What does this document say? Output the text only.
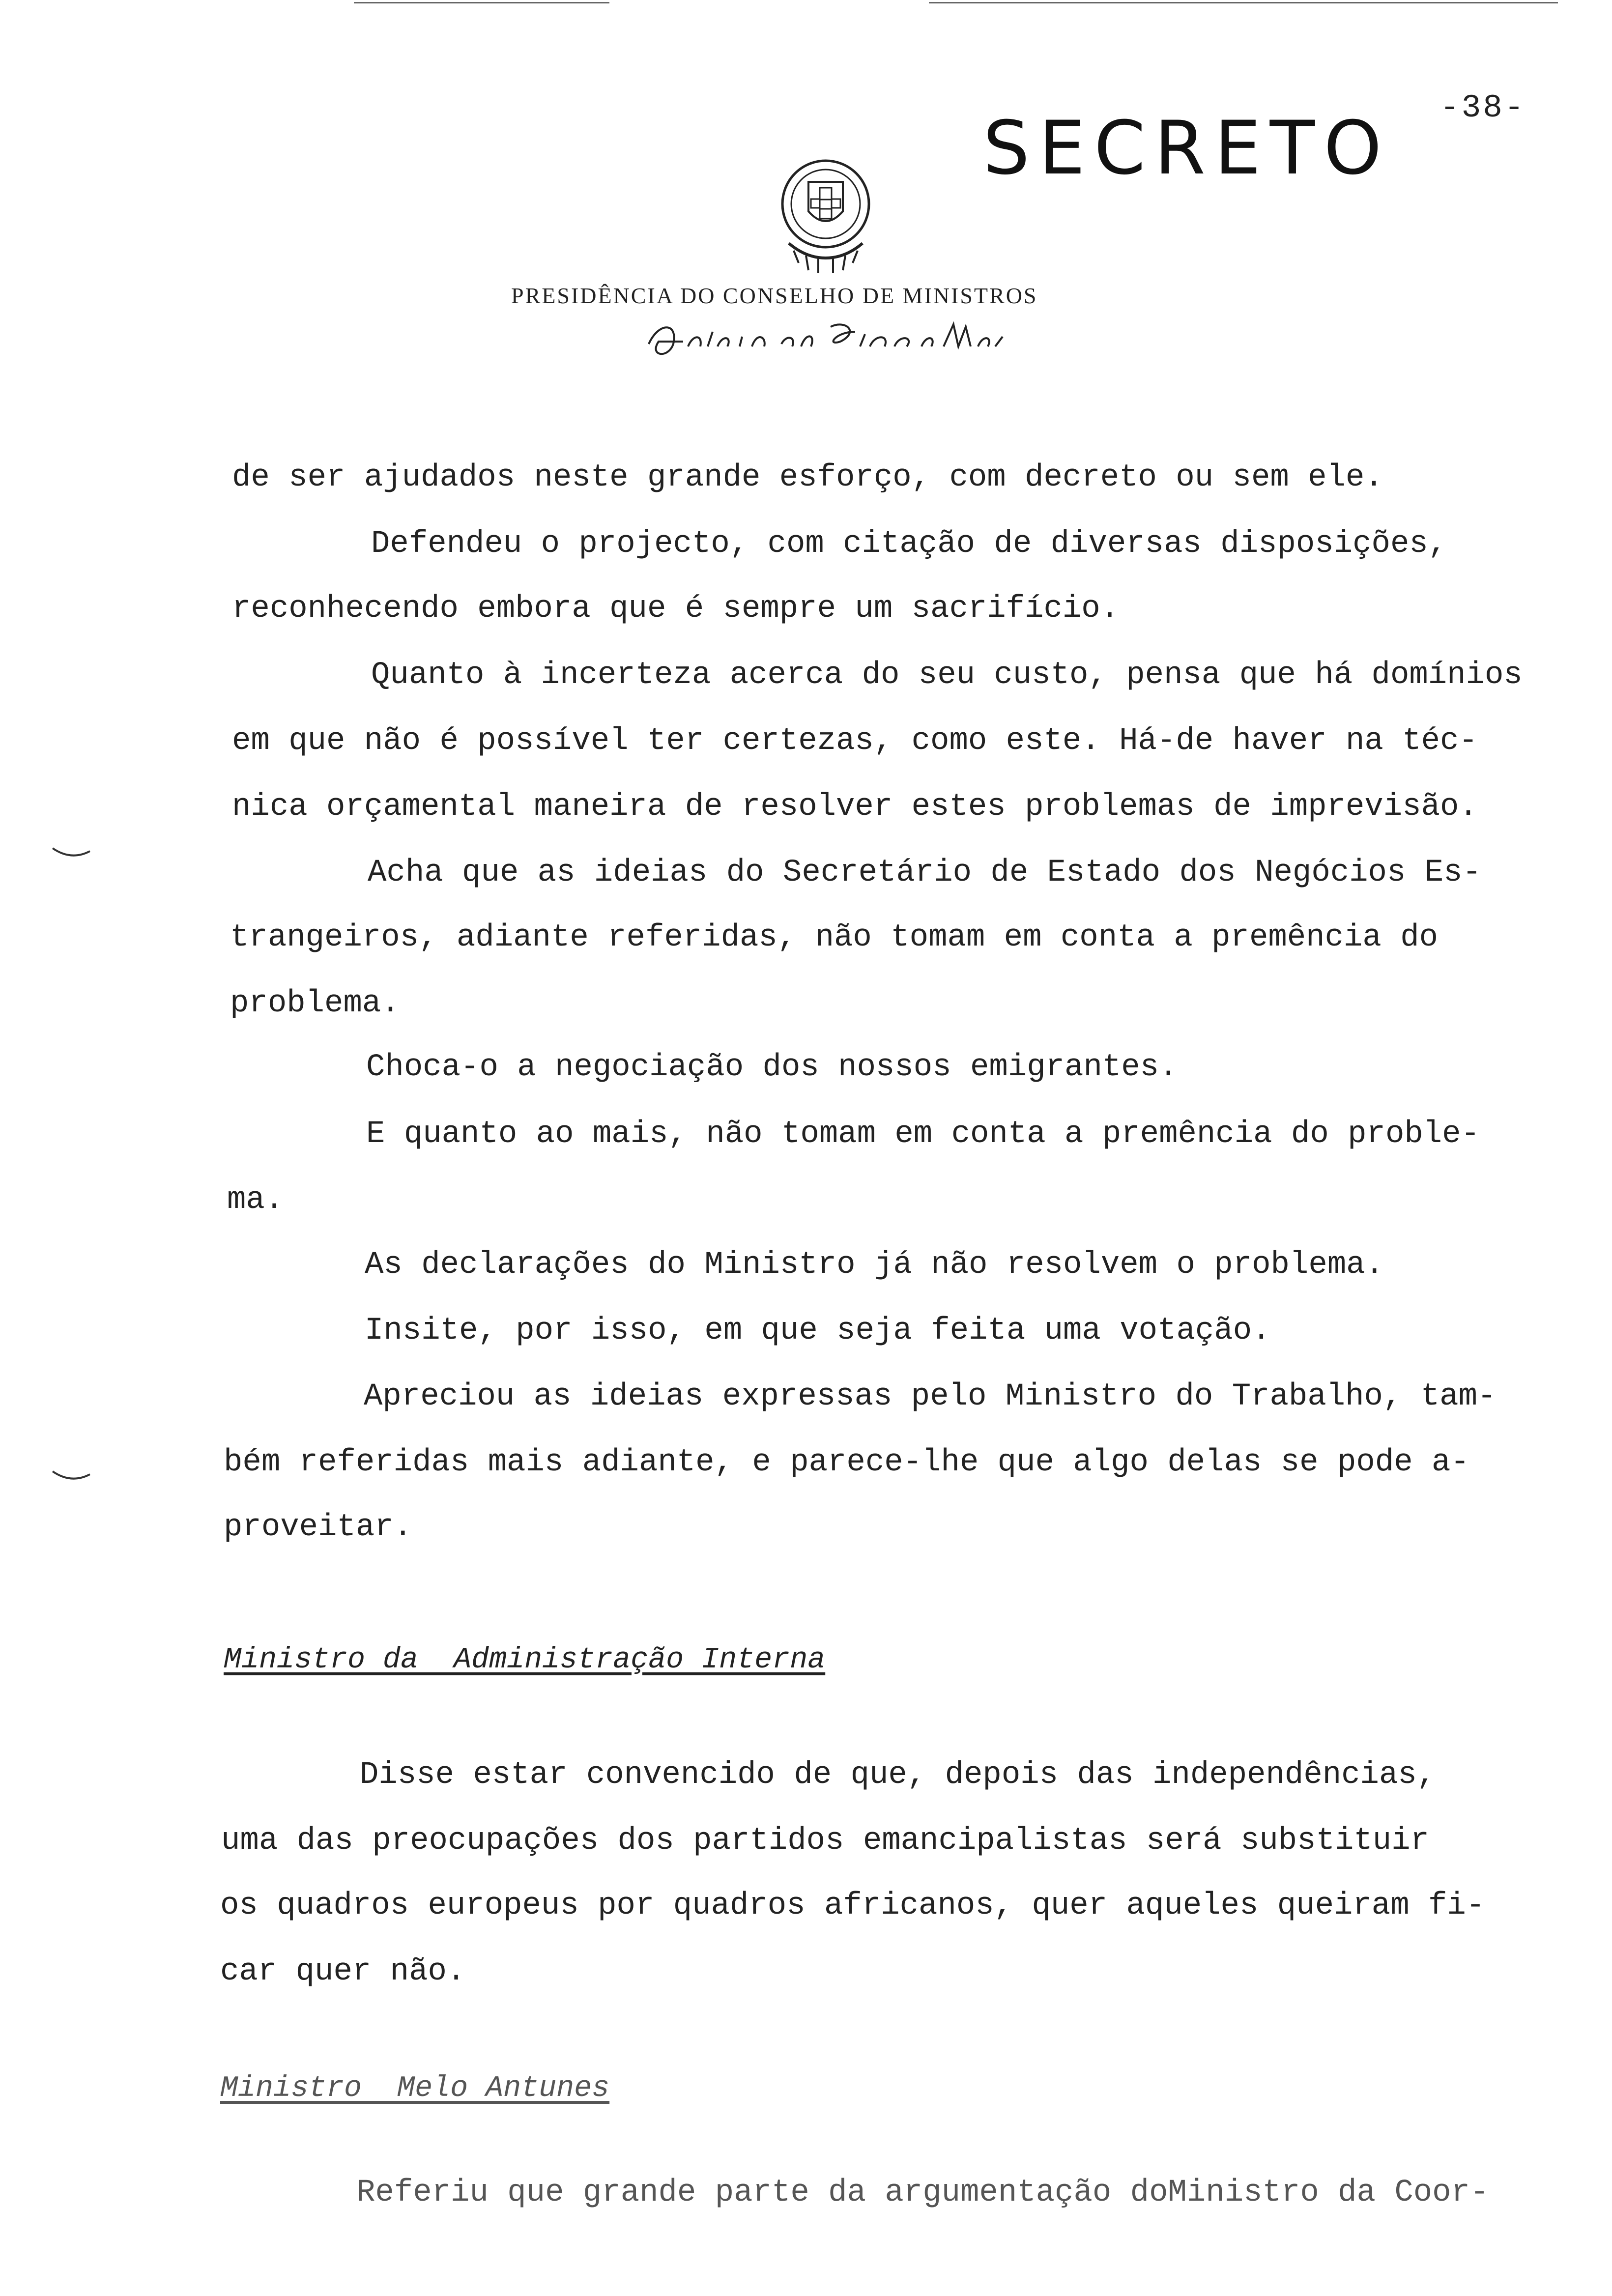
-38-
SECRETO
PRESIDÊNCIA DO CONSELHO DE MINISTROS
de ser ajudados neste grande esforço, com decreto ou sem ele.
Defendeu o projecto, com citação de diversas disposições,
reconhecendo embora que é sempre um sacrifício.
Quanto à incerteza acerca do seu custo, pensa que há domínios
em que não é possível ter certezas, como este. Há-de haver na téc-
nica orçamental maneira de resolver estes problemas de imprevisão.
Acha que as ideias do Secretário de Estado dos Negócios Es-
trangeiros, adiante referidas, não tomam em conta a premência do
problema.
Choca-o a negociação dos nossos emigrantes.
E quanto ao mais, não tomam em conta a premência do proble-
ma.
As declarações do Ministro já não resolvem o problema.
Insite, por isso, em que seja feita uma votação.
Apreciou as ideias expressas pelo Ministro do Trabalho, tam-
bém referidas mais adiante, e parece-lhe que algo delas se pode a-
proveitar.
Ministro da  Administração Interna
Disse estar convencido de que, depois das independências,
uma das preocupações dos partidos emancipalistas será substituir
os quadros europeus por quadros africanos, quer aqueles queiram fi-
car quer não.
Ministro  Melo Antunes
Referiu que grande parte da argumentação doMinistro da Coor-
